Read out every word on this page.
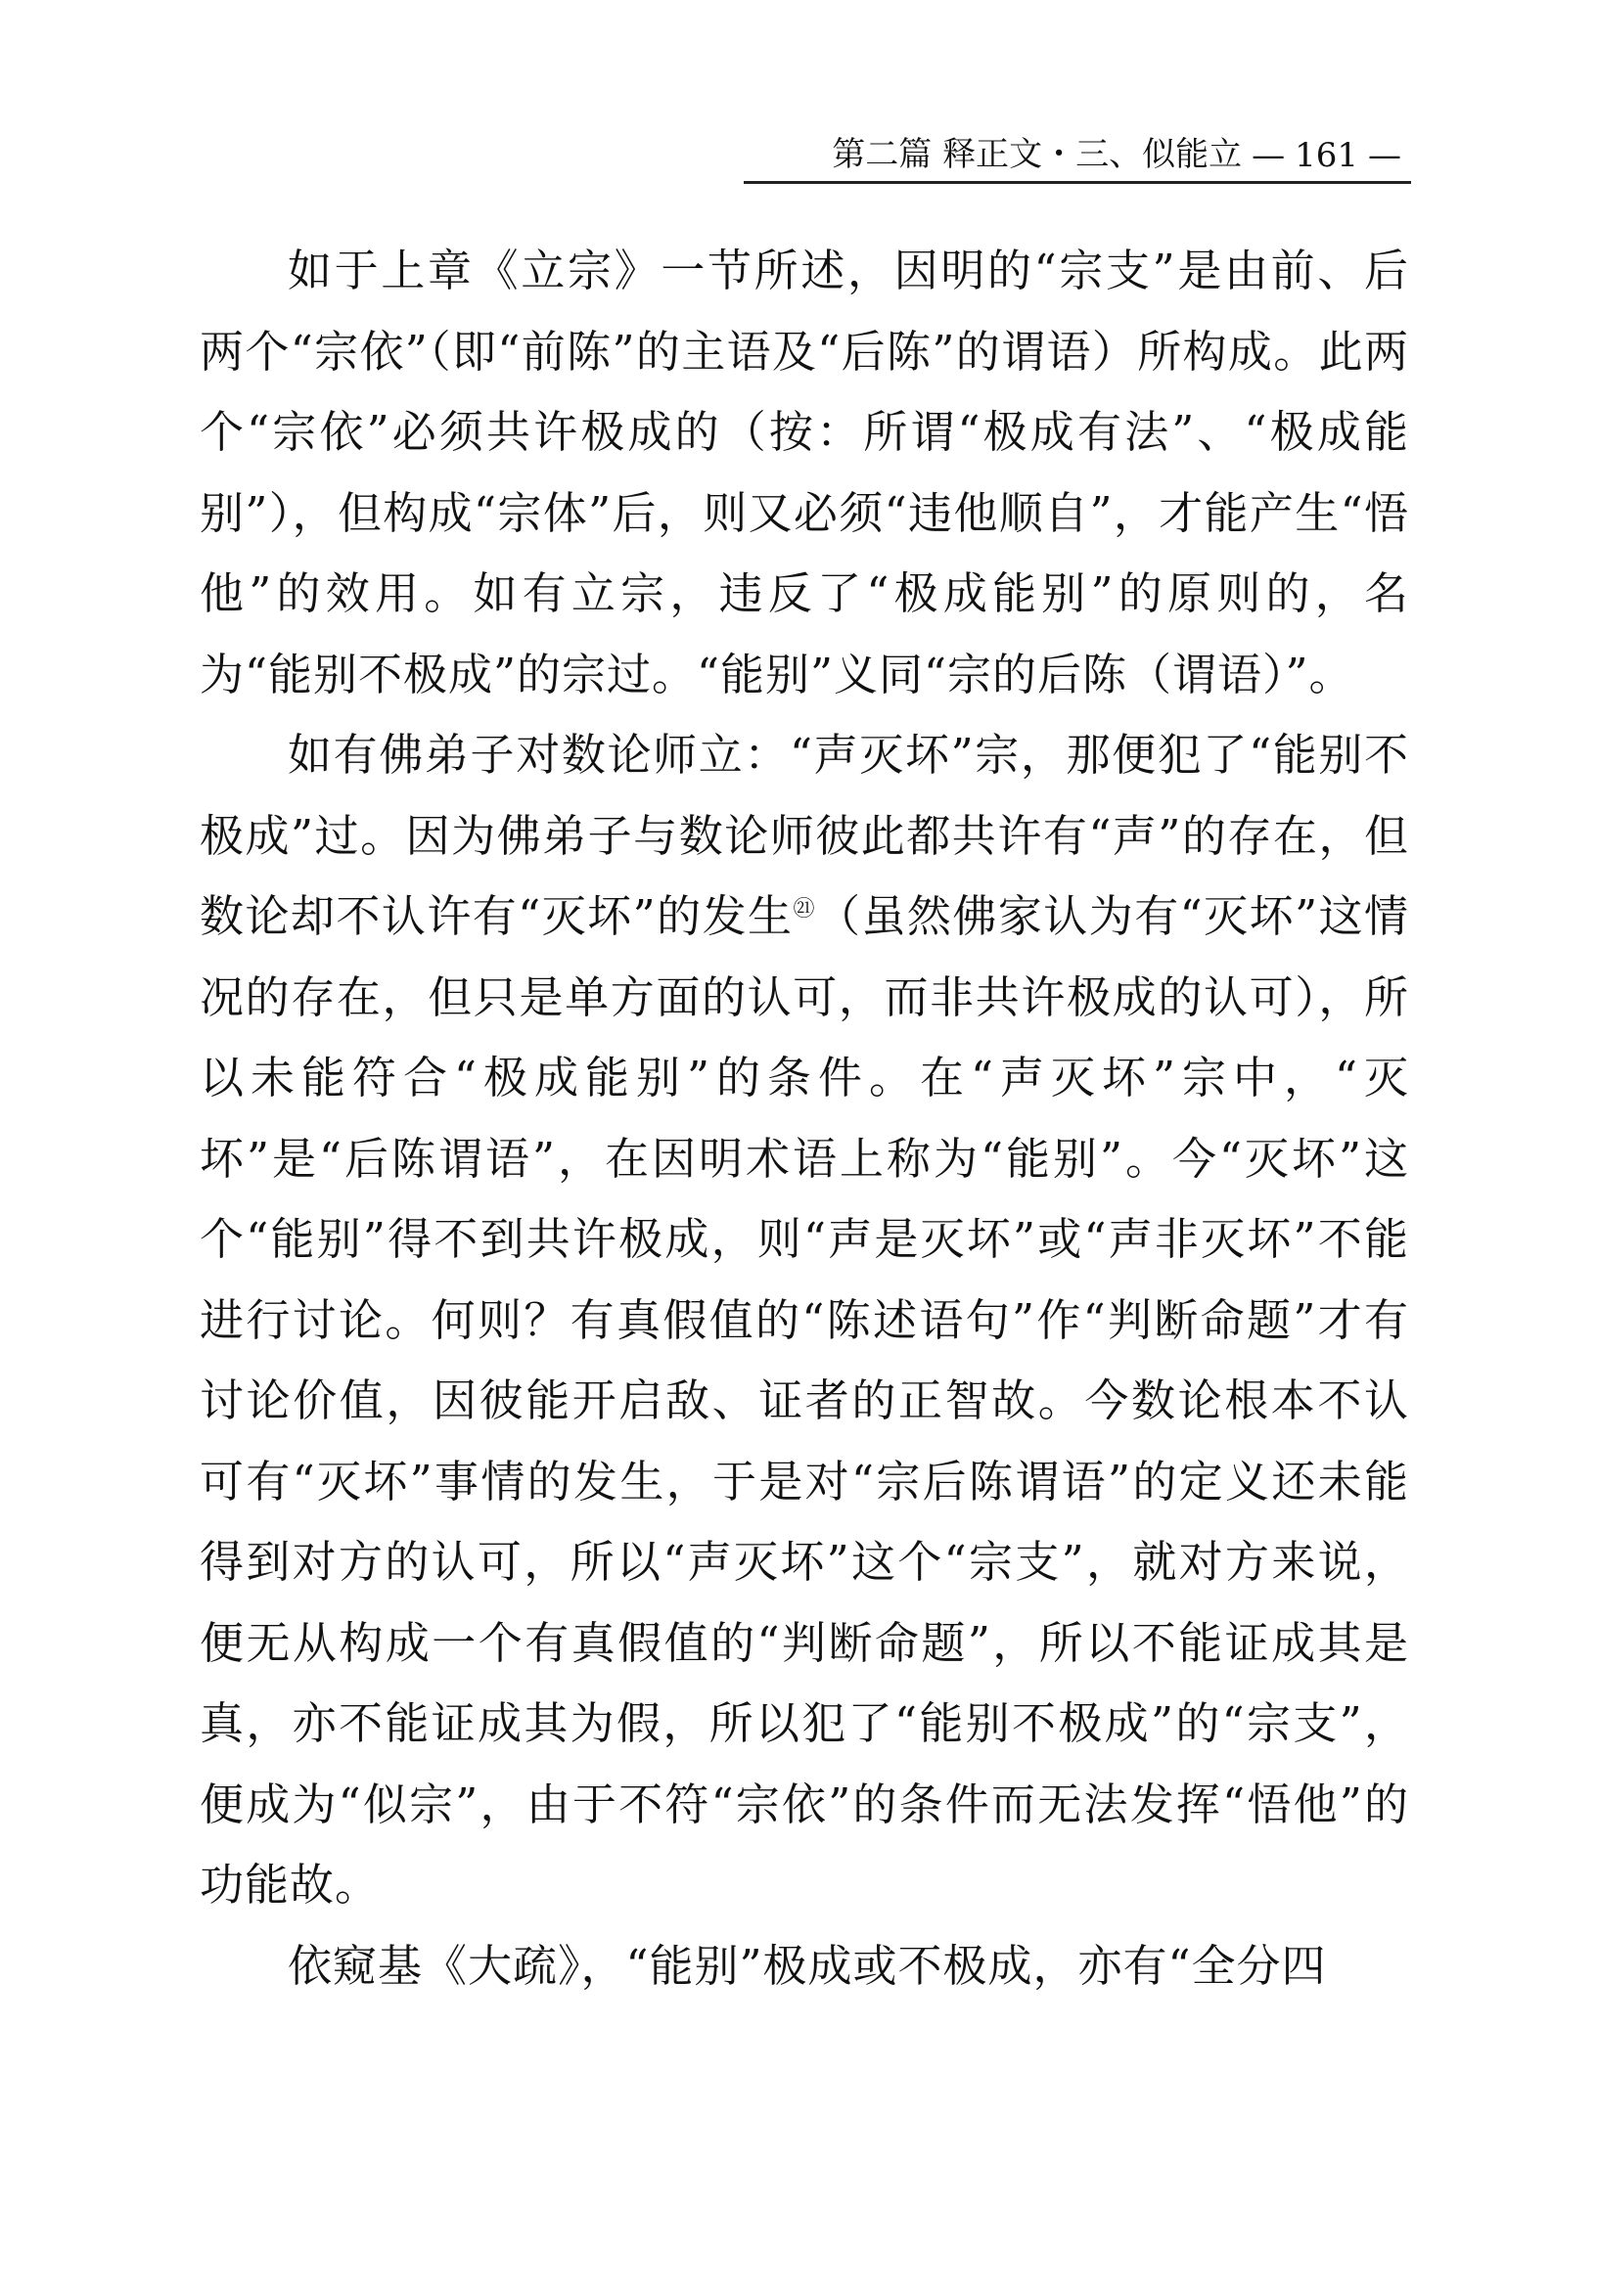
第二篇 释正文・三、似能立 — 161 —

如于上章《立宗》一节所述，因明的“宗支”是由前、后两个“宗依”（即“前陈”的主语及“后陈”的谓语）所构成。此两个“宗依”必须共许极成的（按：所谓“极成有法”、“极成能别”），但构成“宗体”后，则又必须“违他顺自”，才能产生“悟他”的效用。如有立宗，违反了“极成能别”的原则的，名为“能别不极成”的宗过。“能别”义同“宗的后陈（谓语）”。

如有佛弟子对数论师立：“声灭坏”宗，那便犯了“能别不极成”过。因为佛弟子与数论师彼此都共许有“声”的存在，但数论却不认许有“灭坏”的发生$^㉑$（虽然佛家认为有“灭坏”这情况的存在，但只是单方面的认可，而非共许极成的认可），所以未能符合“极成能别”的条件。在“声灭坏”宗中，“灭坏”是“后陈谓语”，在因明术语上称为“能别”。今“灭坏”这个“能别”得不到共许极成，则“声是灭坏”或“声非灭坏”不能进行讨论。何则？有真假值的“陈述语句”作“判断命题”才有讨论价值，因彼能开启敌、证者的正智故。今数论根本不认可有“灭坏”事情的发生，于是对“宗后陈谓语”的定义还未能得到对方的认可，所以“声灭坏”这个“宗支”，就对方来说，便无从构成一个有真假值的“判断命题”，所以不能证成其是真，亦不能证成其为假，所以犯了“能别不极成”的“宗支”，便成为“似宗”，由于不符“宗依”的条件而无法发挥“悟他”的功能故。

依窥基《大疏》，“能别”极成或不极成，亦有“全分四
